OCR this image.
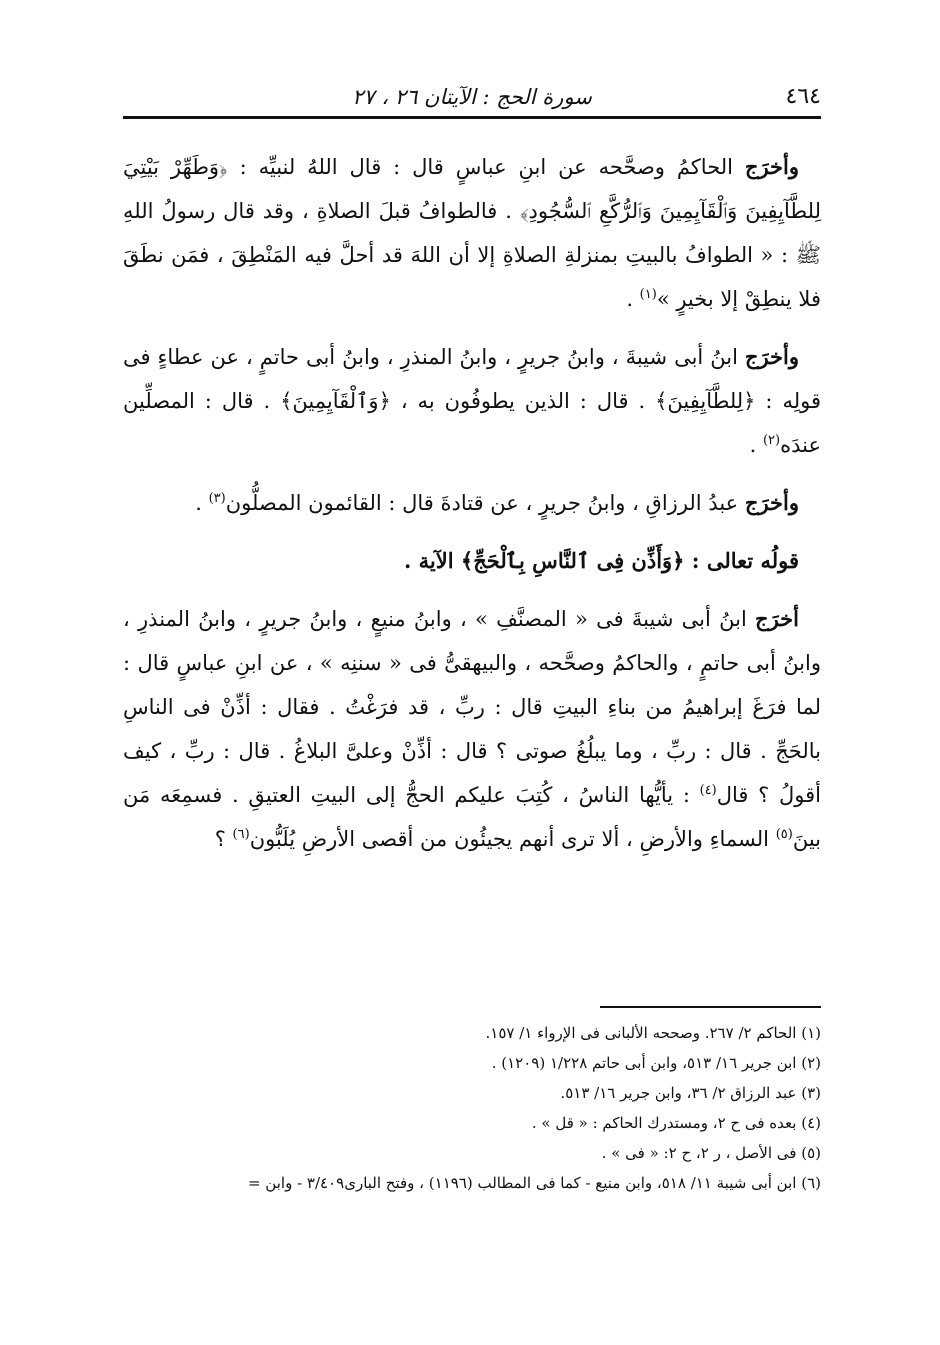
٤٦٤
سورة الحج : الآيتان ٢٦ ، ٢٧

وأخرَج الحاكمُ وصحَّحه عن ابنِ عباسٍ قال : قال اللهُ لنبيِّه : ﴿وَطَهِّرْ بَيْتِيَ لِلطَّآيِفِينَ وَٱلْقَآيِمِينَ وَٱلرُّكَّعِ ٱلسُّجُودِ﴾ . فالطوافُ قبلَ الصلاةِ ، وقد قال رسولُ اللهِ ﷺ : « الطوافُ بالبيتِ بمنزلةِ الصلاةِ إلا أن اللهَ قد أحلَّ فيه المَنْطِقَ ، فمَن نطَقَ فلا ينطِقْ إلا بخيرٍ »$^{(١)}$ .

وأخرَج ابنُ أبى شيبةَ ، وابنُ جريرٍ ، وابنُ المنذرِ ، وابنُ أبى حاتمٍ ، عن عطاءٍ فى قولِه : ﴿لِلطَّآيِفِينَ﴾ . قال : الذين يطوفُون به ، ﴿وَٱلْقَآيِمِينَ﴾ . قال : المصلِّين عندَه$^{(٢)}$ .

وأخرَج عبدُ الرزاقِ ، وابنُ جريرٍ ، عن قتادةَ قال : القائمون المصلُّون$^{(٣)}$ .

قولُه تعالى : ﴿وَأَذِّن فِى ٱلنَّاسِ بِٱلْحَجِّ﴾ الآية .

أخرَج ابنُ أبى شيبةَ فى « المصنَّفِ » ، وابنُ منيعٍ ، وابنُ جريرٍ ، وابنُ المنذرِ ، وابنُ أبى حاتمٍ ، والحاكمُ وصحَّحه ، والبيهقىُّ فى « سننِه » ، عن ابنِ عباسٍ قال : لما فرَغَ إبراهيمُ من بناءِ البيتِ قال : ربِّ ، قد فرَغْتُ . فقال : أذِّنْ فى الناسِ بالحَجِّ . قال : ربِّ ، وما يبلُغُ صوتى ؟ قال : أذِّنْ وعلىَّ البلاغُ . قال : ربِّ ، كيف أقولُ ؟ قال$^{(٤)}$ : يأيُّها الناسُ ، كُتِبَ عليكم الحجُّ إلى البيتِ العتيقِ . فسمِعَه مَن بينَ$^{(٥)}$ السماءِ والأرضِ ، ألا ترى أنهم يجيئُون من أقصى الأرضِ يُلَبُّون$^{(٦)}$ ؟

(١) الحاكم ٢/ ٢٦٧. وصححه الألبانى فى الإرواء ١/ ١٥٧.
(٢) ابن جرير ١٦/ ٥١٣، وابن أبى حاتم ١/٢٢٨ (١٢٠٩) .
(٣) عبد الرزاق ٢/ ٣٦، وابن جرير ١٦/ ٥١٣.
(٤) بعده فى ح ٢، ومستدرك الحاكم : « قل » .
(٥) فى الأصل ، ر ٢، ح ٢: « فى » .
(٦) ابن أبى شيبة ١١/ ٥١٨، وابن منيع - كما فى المطالب (١١٩٦) ، وفتح البارى٣/٤٠٩ - وابن =
